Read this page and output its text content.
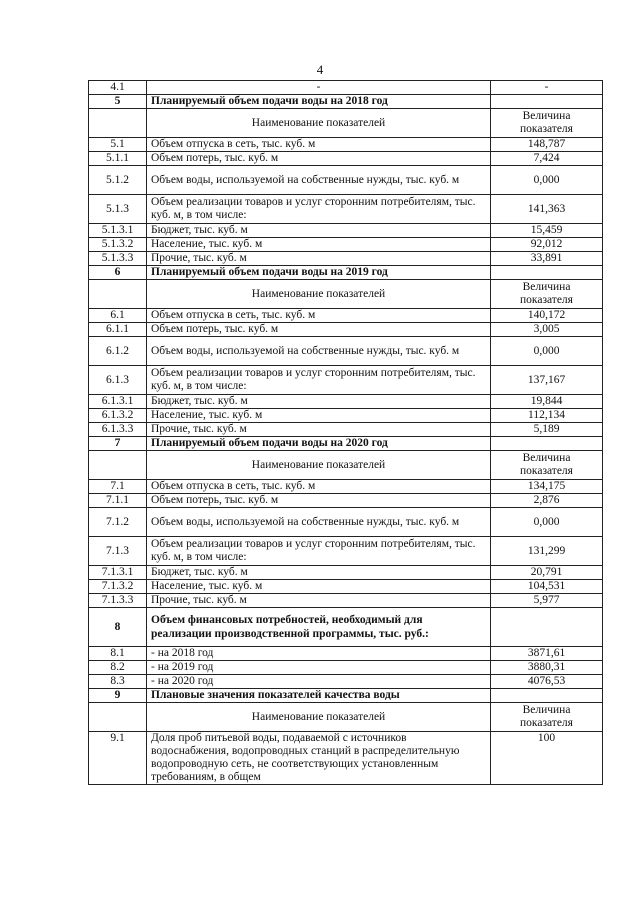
4
4.1	-	-
5	Планируемый объем подачи воды на 2018 год	
	Наименование показателей	Величина показателя
5.1	Объем отпуска в сеть, тыс. куб. м	148,787
5.1.1	Объем потерь, тыс. куб. м	7,424
5.1.2	Объем воды, используемой на собственные нужды, тыс. куб. м	0,000
5.1.3	Объем реализации товаров и услуг сторонним потребителям, тыс. куб. м, в том числе:	141,363
5.1.3.1	Бюджет, тыс. куб. м	15,459
5.1.3.2	Население, тыс. куб. м	92,012
5.1.3.3	Прочие, тыс. куб. м	33,891
6	Планируемый объем подачи воды на 2019 год	
	Наименование показателей	Величина показателя
6.1	Объем отпуска в сеть, тыс. куб. м	140,172
6.1.1	Объем потерь, тыс. куб. м	3,005
6.1.2	Объем воды, используемой на собственные нужды, тыс. куб. м	0,000
6.1.3	Объем реализации товаров и услуг сторонним потребителям, тыс. куб. м, в том числе:	137,167
6.1.3.1	Бюджет, тыс. куб. м	19,844
6.1.3.2	Население, тыс. куб. м	112,134
6.1.3.3	Прочие, тыс. куб. м	5,189
7	Планируемый объем подачи воды на 2020 год	
	Наименование показателей	Величина показателя
7.1	Объем отпуска в сеть, тыс. куб. м	134,175
7.1.1	Объем потерь, тыс. куб. м	2,876
7.1.2	Объем воды, используемой на собственные нужды, тыс. куб. м	0,000
7.1.3	Объем реализации товаров и услуг сторонним потребителям, тыс. куб. м, в том числе:	131,299
7.1.3.1	Бюджет, тыс. куб. м	20,791
7.1.3.2	Население, тыс. куб. м	104,531
7.1.3.3	Прочие, тыс. куб. м	5,977
8	Объем финансовых потребностей, необходимый для реализации производственной программы, тыс. руб.:	
8.1	- на 2018 год	3871,61
8.2	- на 2019 год	3880,31
8.3	- на 2020 год	4076,53
9	Плановые значения показателей качества воды	
	Наименование показателей	Величина показателя
9.1	Доля проб питьевой воды, подаваемой с источников водоснабжения, водопроводных станций в распределительную водопроводную сеть, не соответствующих установленным требованиям, в общем	100
